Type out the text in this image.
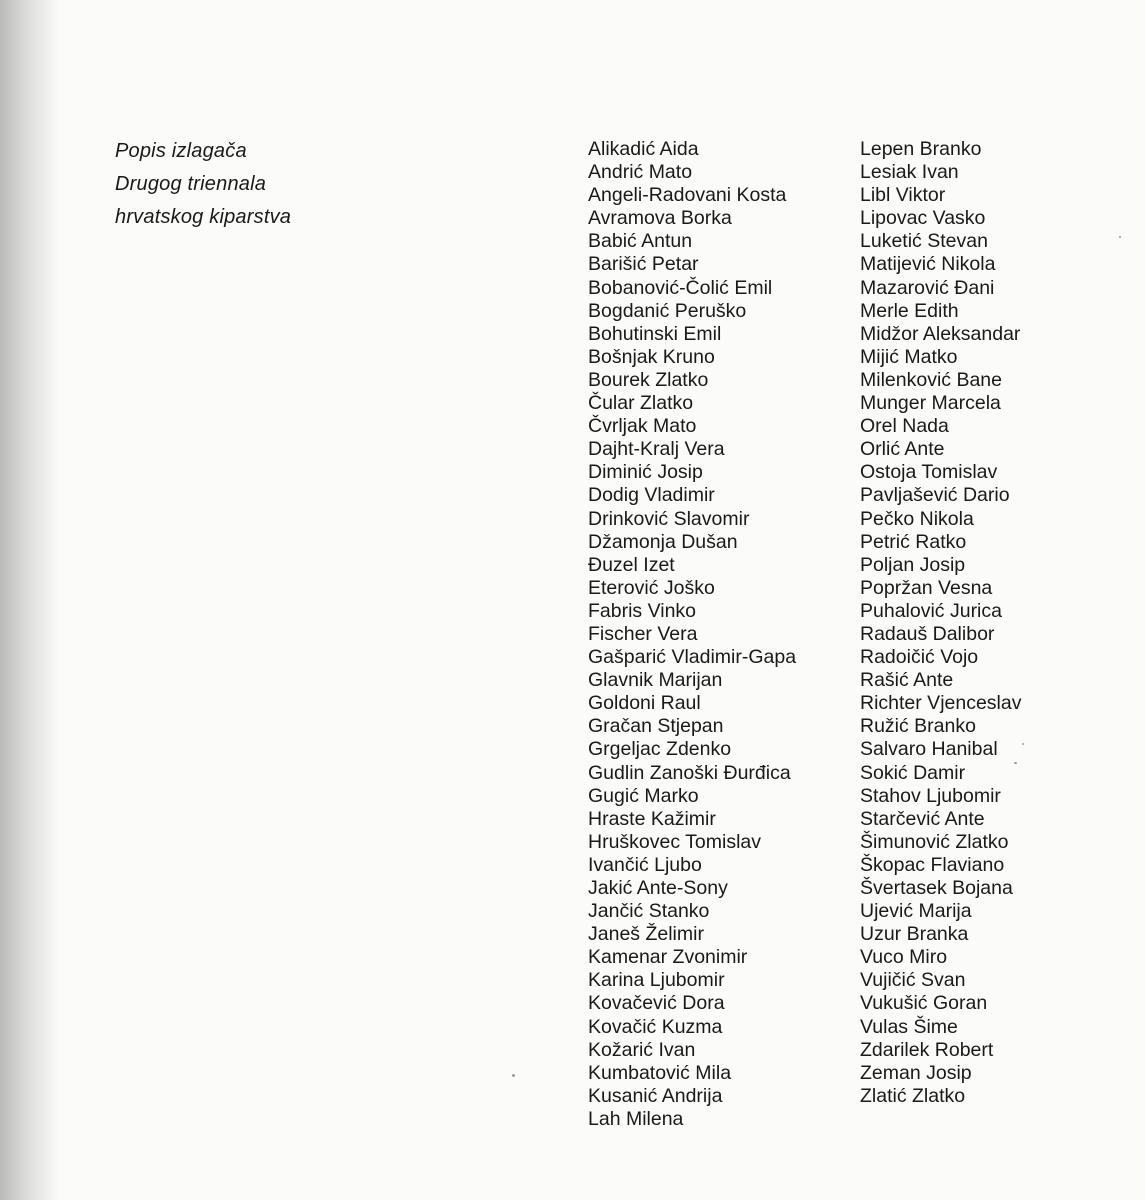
Popis izlagača
Drugog triennala
hrvatskog kiparstva
Alikadić Aida
Andrić Mato
Angeli-Radovani Kosta
Avramova Borka
Babić Antun
Barišić Petar
Bobanović-Čolić Emil
Bogdanić Peruško
Bohutinski Emil
Bošnjak Kruno
Bourek Zlatko
Čular Zlatko
Čvrljak Mato
Dajht-Kralj Vera
Diminić Josip
Dodig Vladimir
Drinković Slavomir
Džamonja Dušan
Đuzel Izet
Eterović Joško
Fabris Vinko
Fischer Vera
Gašparić Vladimir-Gapa
Glavnik Marijan
Goldoni Raul
Gračan Stjepan
Grgeljac Zdenko
Gudlin Zanoški Đurđica
Gugić Marko
Hraste Kažimir
Hruškovec Tomislav
Ivančić Ljubo
Jakić Ante-Sony
Jančić Stanko
Janeš Želimir
Kamenar Zvonimir
Karina Ljubomir
Kovačević Dora
Kovačić Kuzma
Kožarić Ivan
Kumbatović Mila
Kusanić Andrija
Lah Milena
Lepen Branko
Lesiak Ivan
Libl Viktor
Lipovac Vasko
Luketić Stevan
Matijević Nikola
Mazarović Đani
Merle Edith
Midžor Aleksandar
Mijić Matko
Milenković Bane
Munger Marcela
Orel Nada
Orlić Ante
Ostoja Tomislav
Pavljašević Dario
Pečko Nikola
Petrić Ratko
Poljan Josip
Popržan Vesna
Puhalović Jurica
Radauš Dalibor
Radoičić Vojo
Rašić Ante
Richter Vjenceslav
Ružić Branko
Salvaro Hanibal
Sokić Damir
Stahov Ljubomir
Starčević Ante
Šimunović Zlatko
Škopac Flaviano
Švertasek Bojana
Ujević Marija
Uzur Branka
Vuco Miro
Vujičić Svan
Vukušić Goran
Vulas Šime
Zdarilek Robert
Zeman Josip
Zlatić Zlatko
